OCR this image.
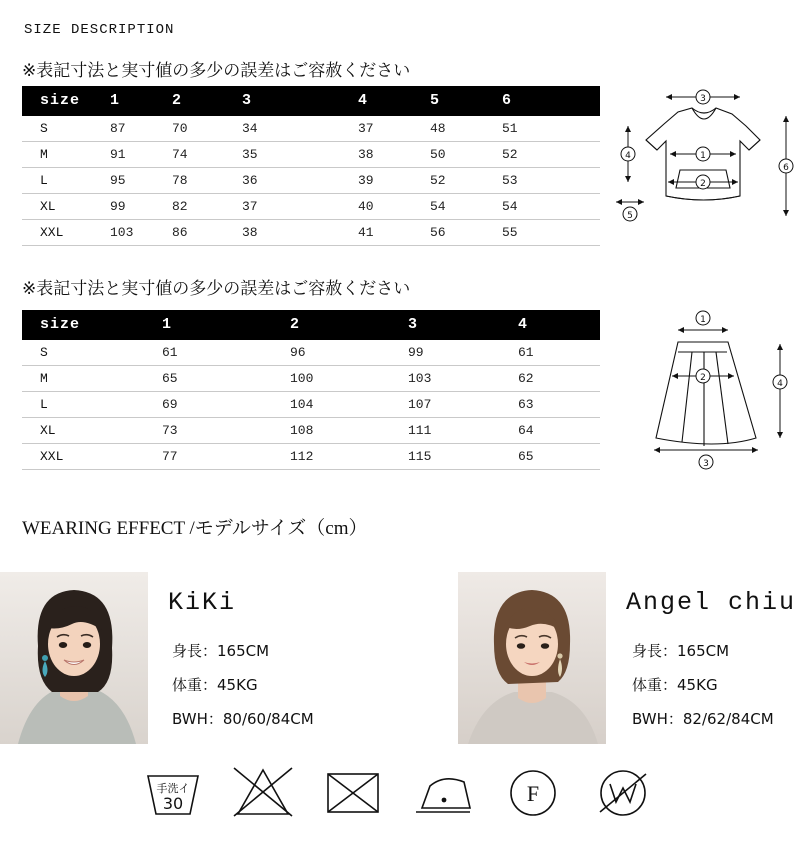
SIZE DESCRIPTION
※表記寸法と実寸値の多少の誤差はご容赦ください
size	1	2	3	4	5	6
S	87	70	34	37	48	51
M	91	74	35	38	50	52
L	95	78	36	39	52	53
XL	99	82	37	40	54	54
XXL	103	86	38	41	56	55
3
6
4
5
1
2
※表記寸法と実寸値の多少の誤差はご容赦ください
size	1	2	3	4
S	61	96	99	61
M	65	100	103	62
L	69	104	107	63
XL	73	108	111	64
XXL	77	112	115	65
1
2
3
4
WEARING EFFECT /モデルサイズ（cm）
KiKi
身長：165CM
体重：45KG
BWH：80/60/84CM
Angel chiu
身長：165CM
体重：45KG
BWH：82/62/84CM
手洗イ
30	F
